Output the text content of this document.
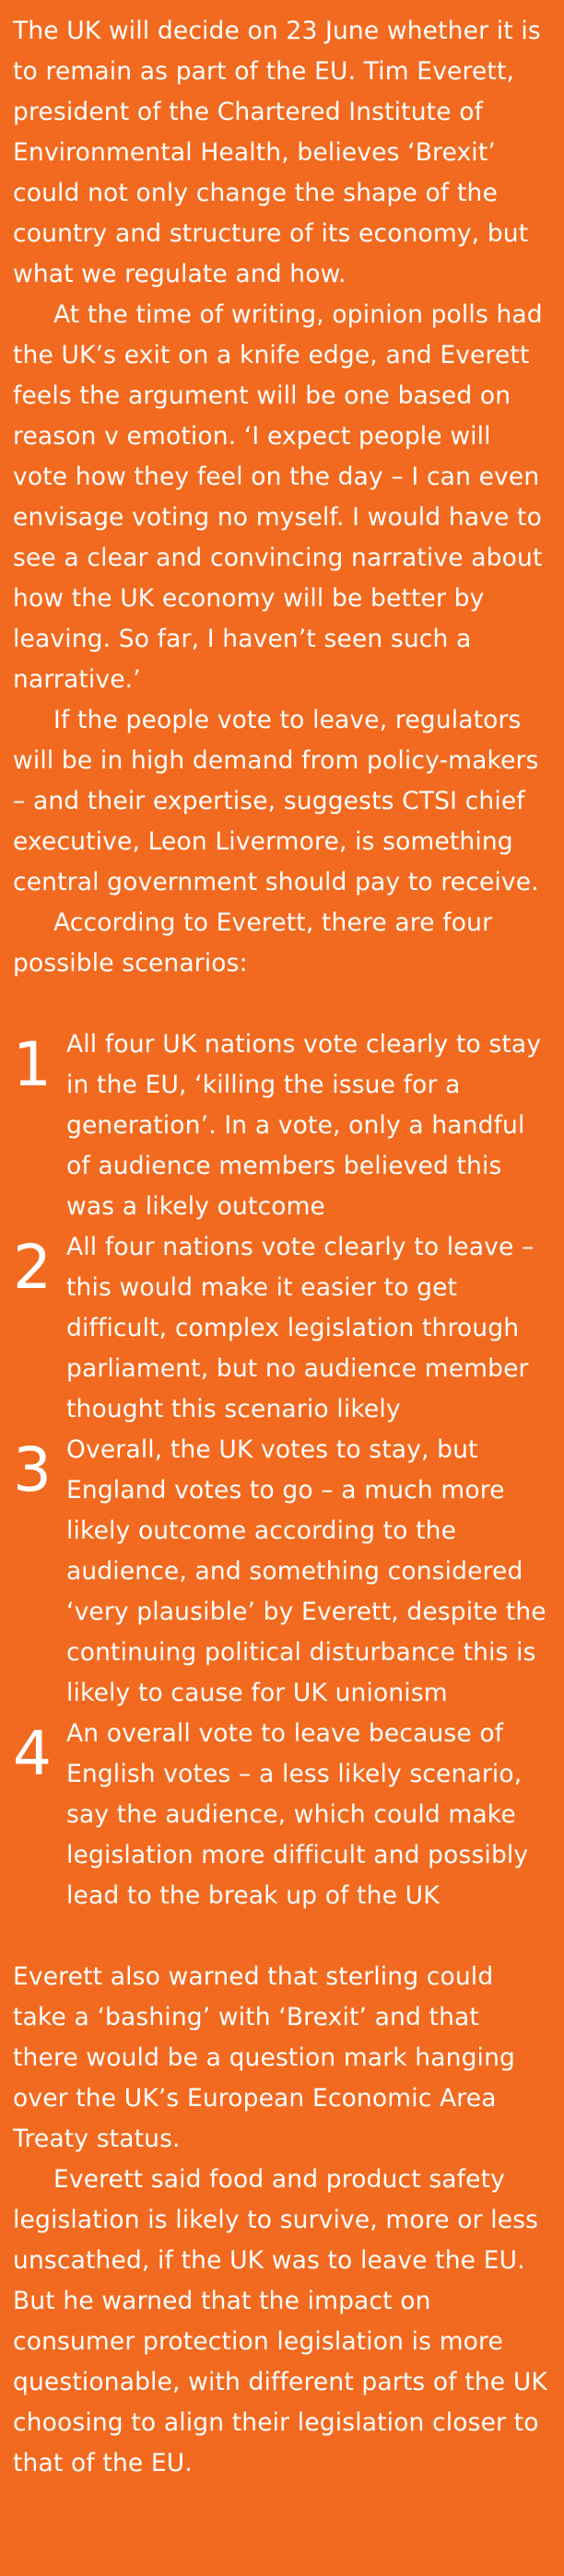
The UK will decide on 23 June whether it is to remain as part of the EU. Tim Everett, president of the Chartered Institute of Environmental Health, believes ‘Brexit’ could not only change the shape of the country and structure of its economy, but what we regulate and how.

At the time of writing, opinion polls had the UK’s exit on a knife edge, and Everett feels the argument will be one based on reason v emotion. ‘I expect people will vote how they feel on the day – I can even envisage voting no myself. I would have to see a clear and convincing narrative about how the UK economy will be better by leaving. So far, I haven’t seen such a narrative.’

If the people vote to leave, regulators will be in high demand from policy-makers – and their expertise, suggests CTSI chief executive, Leon Livermore, is something central government should pay to receive.

According to Everett, there are four possible scenarios:

1 All four UK nations vote clearly to stay in the EU, ‘killing the issue for a generation’. In a vote, only a handful of audience members believed this was a likely outcome

2 All four nations vote clearly to leave – this would make it easier to get difficult, complex legislation through parliament, but no audience member thought this scenario likely

3 Overall, the UK votes to stay, but England votes to go – a much more likely outcome according to the audience, and something considered ‘very plausible’ by Everett, despite the continuing political disturbance this is likely to cause for UK unionism

4 An overall vote to leave because of English votes – a less likely scenario, say the audience, which could make legislation more difficult and possibly lead to the break up of the UK

Everett also warned that sterling could take a ‘bashing’ with ‘Brexit’ and that there would be a question mark hanging over the UK’s European Economic Area Treaty status.

Everett said food and product safety legislation is likely to survive, more or less unscathed, if the UK was to leave the EU. But he warned that the impact on consumer protection legislation is more questionable, with different parts of the UK choosing to align their legislation closer to that of the EU.
